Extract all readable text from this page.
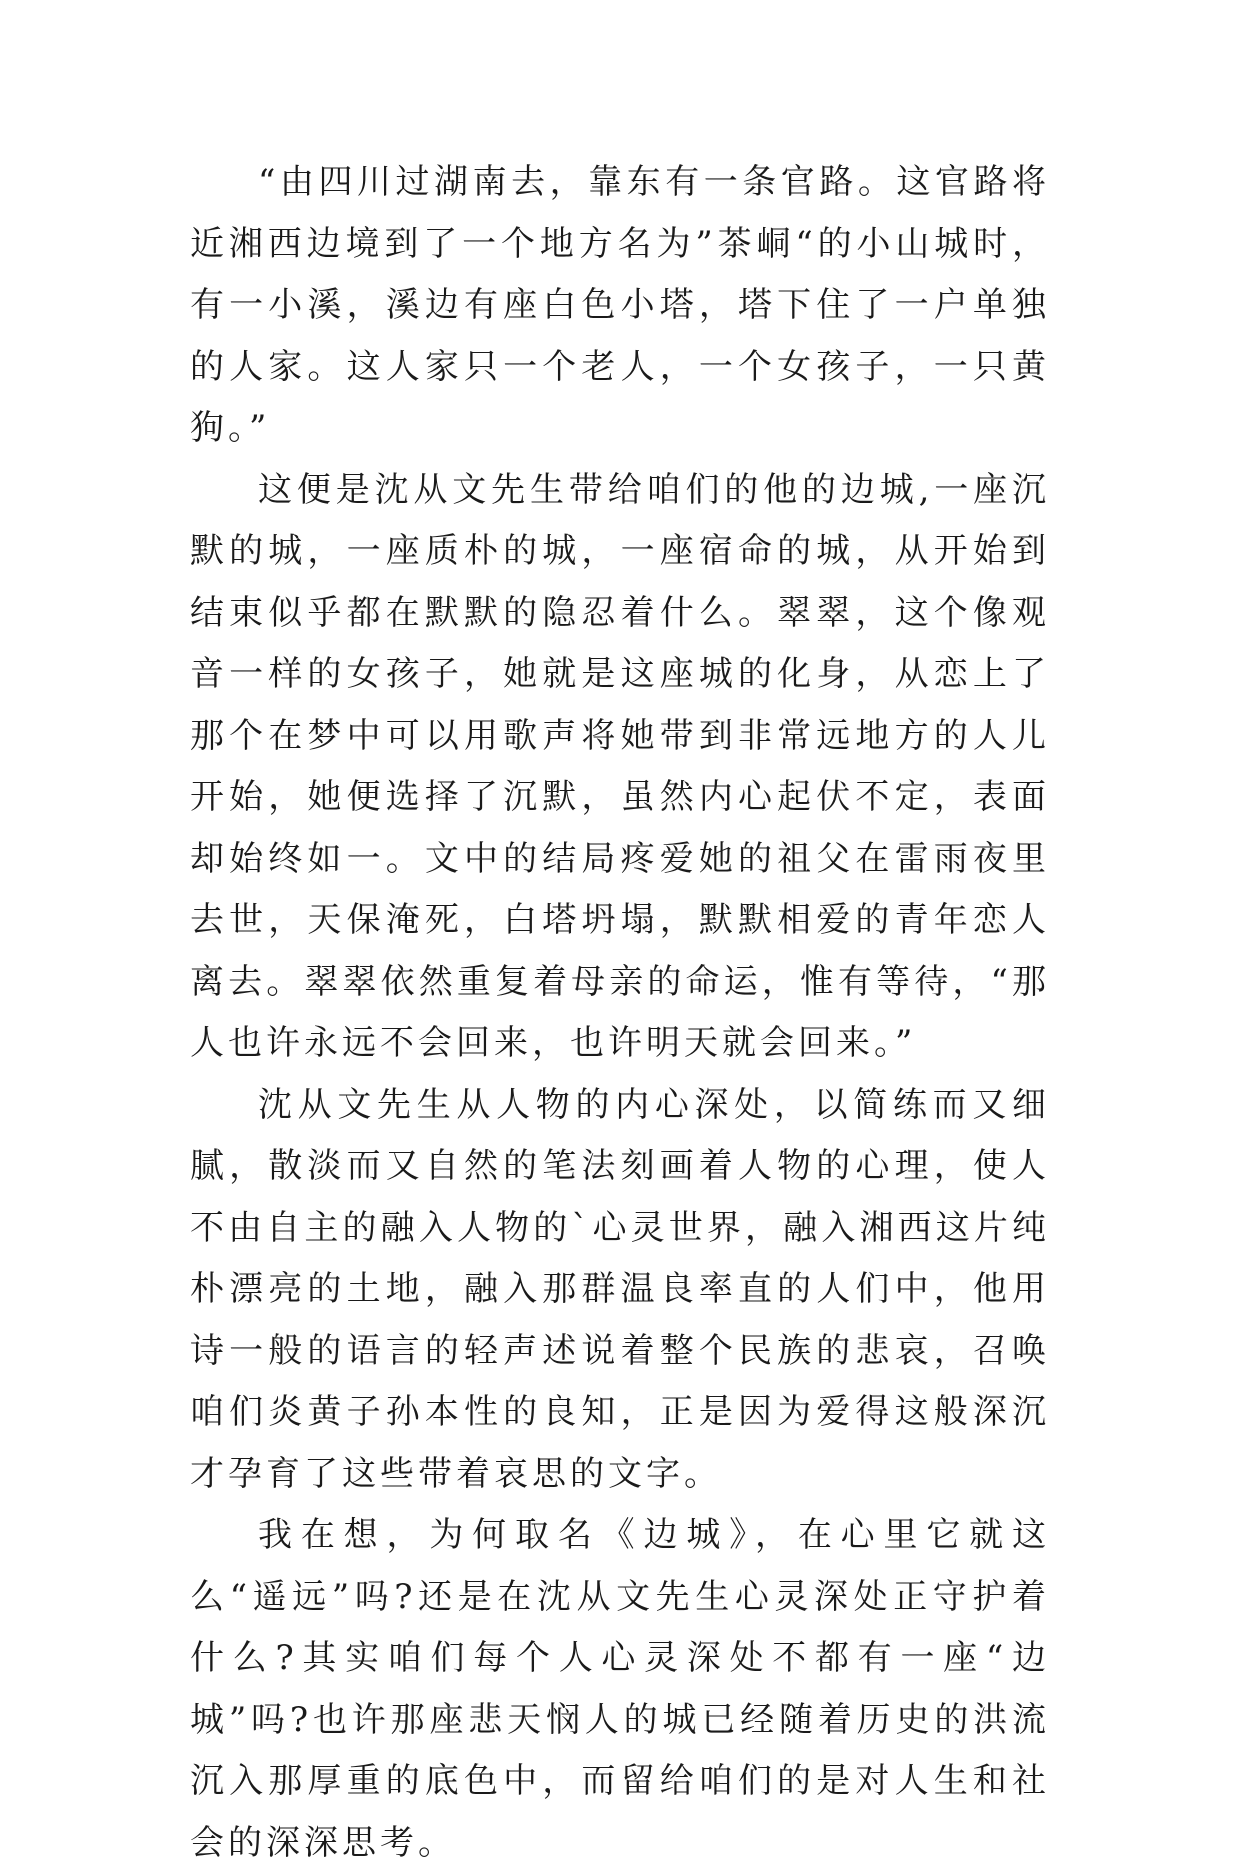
“由四川过湖南去，靠东有一条官路。这官路将近湘西边境到了一个地方名为”茶峒“的小山城时，有一小溪，溪边有座白色小塔，塔下住了一户单独的人家。这人家只一个老人，一个女孩子，一只黄狗。”

这便是沈从文先生带给咱们的他的边城,一座沉默的城，一座质朴的城，一座宿命的城，从开始到结束似乎都在默默的隐忍着什么。翠翠，这个像观音一样的女孩子，她就是这座城的化身，从恋上了那个在梦中可以用歌声将她带到非常远地方的人儿开始，她便选择了沉默，虽然内心起伏不定，表面却始终如一。文中的结局疼爱她的祖父在雷雨夜里去世，天保淹死，白塔坍塌，默默相爱的青年恋人离去。翠翠依然重复着母亲的命运，惟有等待，“那人也许永远不会回来，也许明天就会回来。”

沈从文先生从人物的内心深处，以简练而又细腻，散淡而又自然的笔法刻画着人物的心理，使人不由自主的融入人物的`心灵世界，融入湘西这片纯朴漂亮的土地，融入那群温良率直的人们中，他用诗一般的语言的轻声述说着整个民族的悲哀，召唤咱们炎黄子孙本性的良知，正是因为爱得这般深沉才孕育了这些带着哀思的文字。

我在想，为何取名《边城》，在心里它就这么“遥远”吗?还是在沈从文先生心灵深处正守护着什么?其实咱们每个人心灵深处不都有一座“边城”吗?也许那座悲天悯人的城已经随着历史的洪流沉入那厚重的底色中，而留给咱们的是对人生和社会的深深思考。
